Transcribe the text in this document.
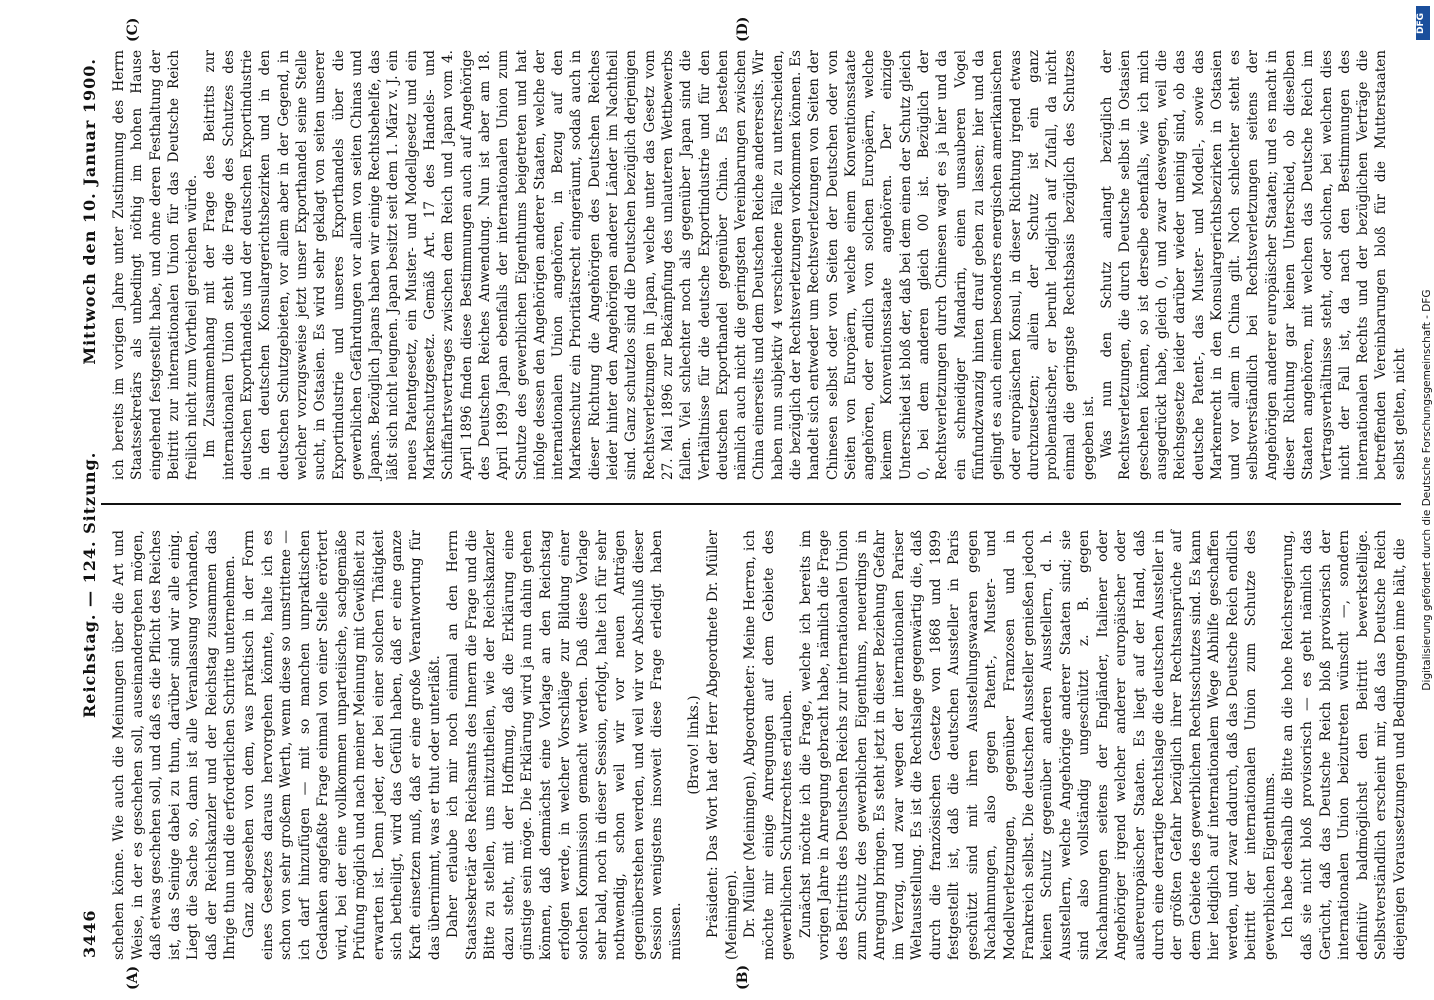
3446
Reichstag. — 124. Sitzung.
Mittwoch den 10. Januar 1900.
(A)	(B)
(C)	(D)

schehen könne. Wie auch die Meinungen über die Art und Weise, in der es geschehen soll, auseinandergehen mögen, daß etwas geschehen soll, und daß es die Pflicht des Reiches ist, das Seinige dabei zu thun, darüber sind wir alle einig. Liegt die Sache so, dann ist alle Veranlassung vorhanden, daß der Reichskanzler und der Reichstag zusammen das Ihrige thun und die erforderlichen Schritte unternehmen. Ganz abgesehen von dem, was praktisch in der Form eines Gesetzes daraus hervorgehen könnte, halte ich es schon von sehr großem Werth, wenn diese so umstrittene — ich darf hinzufügen — mit so manchen unpraktischen Gedanken angefaßte Frage einmal von einer Stelle erörtert wird, bei der eine vollkommen unparteiische, sachgemäße Prüfung möglich und nach meiner Meinung mit Gewißheit zu erwarten ist. Denn jeder, der bei einer solchen Thätigkeit sich betheiligt, wird das Gefühl haben, daß er eine ganze Kraft einsetzen muß, daß er eine große Verantwortung für das übernimmt, was er thut oder unterläßt. Daher erlaube ich mir noch einmal an den Herrn Staatssekretär des Reichsamts des Innern die Frage und die Bitte zu stellen, uns mitzutheilen, wie der Reichskanzler dazu steht, mit der Hoffnung, daß die Erklärung eine günstige sein möge. Die Erklärung wird ja nun dahin gehen können, daß demnächst eine Vorlage an den Reichstag erfolgen werde, in welcher Vorschläge zur Bildung einer solchen Kommission gemacht werden. Daß diese Vorlage sehr bald, noch in dieser Session, erfolgt, halte ich für sehr nothwendig, schon weil wir vor neuen Anträgen gegenüberstehen werden, und weil wir vor Abschluß dieser Session wenigstens insoweit diese Frage erledigt haben müssen.

(Bravo! links.) Präsident: Das Wort hat der Herr Abgeordnete Dr. Müller (Meiningen). Dr. Müller (Meiningen), Abgeordneter: Meine Herren, ich möchte mir einige Anregungen auf dem Gebiete des gewerblichen Schutzrechtes erlauben. Zunächst möchte ich die Frage, welche ich bereits im vorigen Jahre in Anregung gebracht habe, nämlich die Frage des Beitritts des Deutschen Reichs zur internationalen Union zum Schutz des gewerblichen Eigenthums, neuerdings in Anregung bringen. Es steht jetzt in dieser Beziehung Gefahr im Verzug, und zwar wegen der internationalen Pariser Weltausstellung. Es ist die Rechtslage gegenwärtig die, daß durch die französischen Gesetze von 1868 und 1899 festgestellt ist, daß die deutschen Aussteller in Paris geschützt sind mit ihren Ausstellungswaaren gegen Nachahmungen, also gegen Patent-, Muster- und Modellverletzungen, gegenüber Franzosen und in Frankreich selbst. Die deutschen Aussteller genießen jedoch keinen Schutz gegenüber anderen Ausstellern, d. h. Ausstellern, welche Angehörige anderer Staaten sind; sie sind also vollständig ungeschützt z. B. gegen Nachahmungen seitens der Engländer, Italiener oder Angehöriger irgend welcher anderer europäischer oder außereuropäischer Staaten. Es liegt auf der Hand, daß durch eine derartige Rechtslage die deutschen Aussteller in der größten Gefahr bezüglich ihrer Rechtsansprüche auf dem Gebiete des gewerblichen Rechtsschutzes sind. Es kann hier lediglich auf internationalem Wege Abhilfe geschaffen werden, und zwar dadurch, daß das Deutsche Reich endlich beitritt der internationalen Union zum Schutze des gewerblichen Eigenthums. Ich habe deshalb die Bitte an die hohe Reichsregierung, daß sie nicht bloß provisorisch — es geht nämlich das Gerücht, daß das Deutsche Reich bloß provisorisch der internationalen Union beizutreten wünscht —, sondern definitiv baldmöglichst den Beitritt bewerkstellige. Selbstverständlich erscheint mir, daß das Deutsche Reich diejenigen Voraussetzungen und Bedingungen inne hält, die

ich bereits im vorigen Jahre unter Zustimmung des Herrn Staatssekretärs als unbedingt nöthig im hohen Hause eingehend festgestellt habe, und ohne deren Festhaltung der Beitritt zur internationalen Union für das Deutsche Reich freilich nicht zum Vortheil gereichen würde. Im Zusammenhang mit der Frage des Beitritts zur internationalen Union steht die Frage des Schutzes des deutschen Exporthandels und der deutschen Exportindustrie in den deutschen Konsulargerichtsbezirken und in den deutschen Schutzgebieten, vor allem aber in der Gegend, in welcher vorzugsweise jetzt unser Exporthandel seine Stelle sucht, in Ostasien. Es wird sehr geklagt von seiten unserer Exportindustrie und unseres Exporthandels über die gewerblichen Gefährdungen vor allem von seiten Chinas und Japans. Bezüglich Japans haben wir einige Rechtsbehelfe, das läßt sich nicht leugnen. Japan besitzt seit dem 1. März v. J. ein neues Patentgesetz, ein Muster- und Modellgesetz und ein Markenschutzgesetz. Gemäß Art. 17 des Handels- und Schiffahrtsvertrages zwischen dem Reich und Japan vom 4. April 1896 finden diese Bestimmungen auch auf Angehörige des Deutschen Reiches Anwendung. Nun ist aber am 18. April 1899 Japan ebenfalls der internationalen Union zum Schutze des gewerblichen Eigenthums beigetreten und hat infolge dessen den Angehörigen anderer Staaten, welche der internationalen Union angehören, in Bezug auf den Markenschutz ein Prioritätsrecht eingeräumt, sodaß auch in dieser Richtung die Angehörigen des Deutschen Reiches leider hinter den Angehörigen anderer Länder im Nachtheil sind. Ganz schutzlos sind die Deutschen bezüglich derjenigen Rechtsverletzungen in Japan, welche unter das Gesetz vom 27. Mai 1896 zur Bekämpfung des unlauteren Wettbewerbs fallen. Viel schlechter noch als gegenüber Japan sind die Verhältnisse für die deutsche Exportindustrie und für den deutschen Exporthandel gegenüber China. Es bestehen nämlich auch nicht die geringsten Vereinbarungen zwischen China einerseits und dem Deutschen Reiche andererseits. Wir haben nun subjektiv 4 verschiedene Fälle zu unterscheiden, die bezüglich der Rechtsverletzungen vorkommen können. Es handelt sich entweder um Rechtsverletzungen von Seiten der Chinesen selbst oder von Seiten der Deutschen oder von Seiten von Europäern, welche einem Konventionsstaate angehören, oder endlich von solchen Europäern, welche keinem Konventionsstaate angehören. Der einzige Unterschied ist bloß der, daß bei dem einen der Schutz gleich 0, bei dem anderen gleich 00 ist. Bezüglich der Rechtsverletzungen durch Chinesen wagt es ja hier und da ein schneidiger Mandarin, einen unsauberen Vogel fünfundzwanzig hinten drauf geben zu lassen; hier und da gelingt es auch einem besonders energischen amerikanischen oder europäischen Konsul, in dieser Richtung irgend etwas durchzusetzen; allein der Schutz ist ein ganz problematischer, er beruht lediglich auf Zufall, da nicht einmal die geringste Rechtsbasis bezüglich des Schutzes gegeben ist. Was nun den Schutz anlangt bezüglich der Rechtsverletzungen, die durch Deutsche selbst in Ostasien geschehen können, so ist derselbe ebenfalls, wie ich mich ausgedrückt habe, gleich 0, und zwar deswegen, weil die Reichsgesetze leider darüber wieder uneinig sind, ob das deutsche Patent-, das Muster- und Modell-, sowie das Markenrecht in den Konsulargerichtsbezirken in Ostasien und vor allem in China gilt. Noch schlechter steht es selbstverständlich bei Rechtsverletzungen seitens der Angehörigen anderer europäischer Staaten; und es macht in dieser Richtung gar keinen Unterschied, ob dieselben Staaten angehören, mit welchen das Deutsche Reich im Vertragsverhältnisse steht, oder solchen, bei welchen dies nicht der Fall ist, da nach den Bestimmungen des internationalen Rechts und der bezüglichen Verträge die betreffenden Vereinbarungen bloß für die Mutterstaaten selbst gelten, nicht

DFG
Digitalisierung gefördert durch die Deutsche Forschungsgemeinschaft - DFG
